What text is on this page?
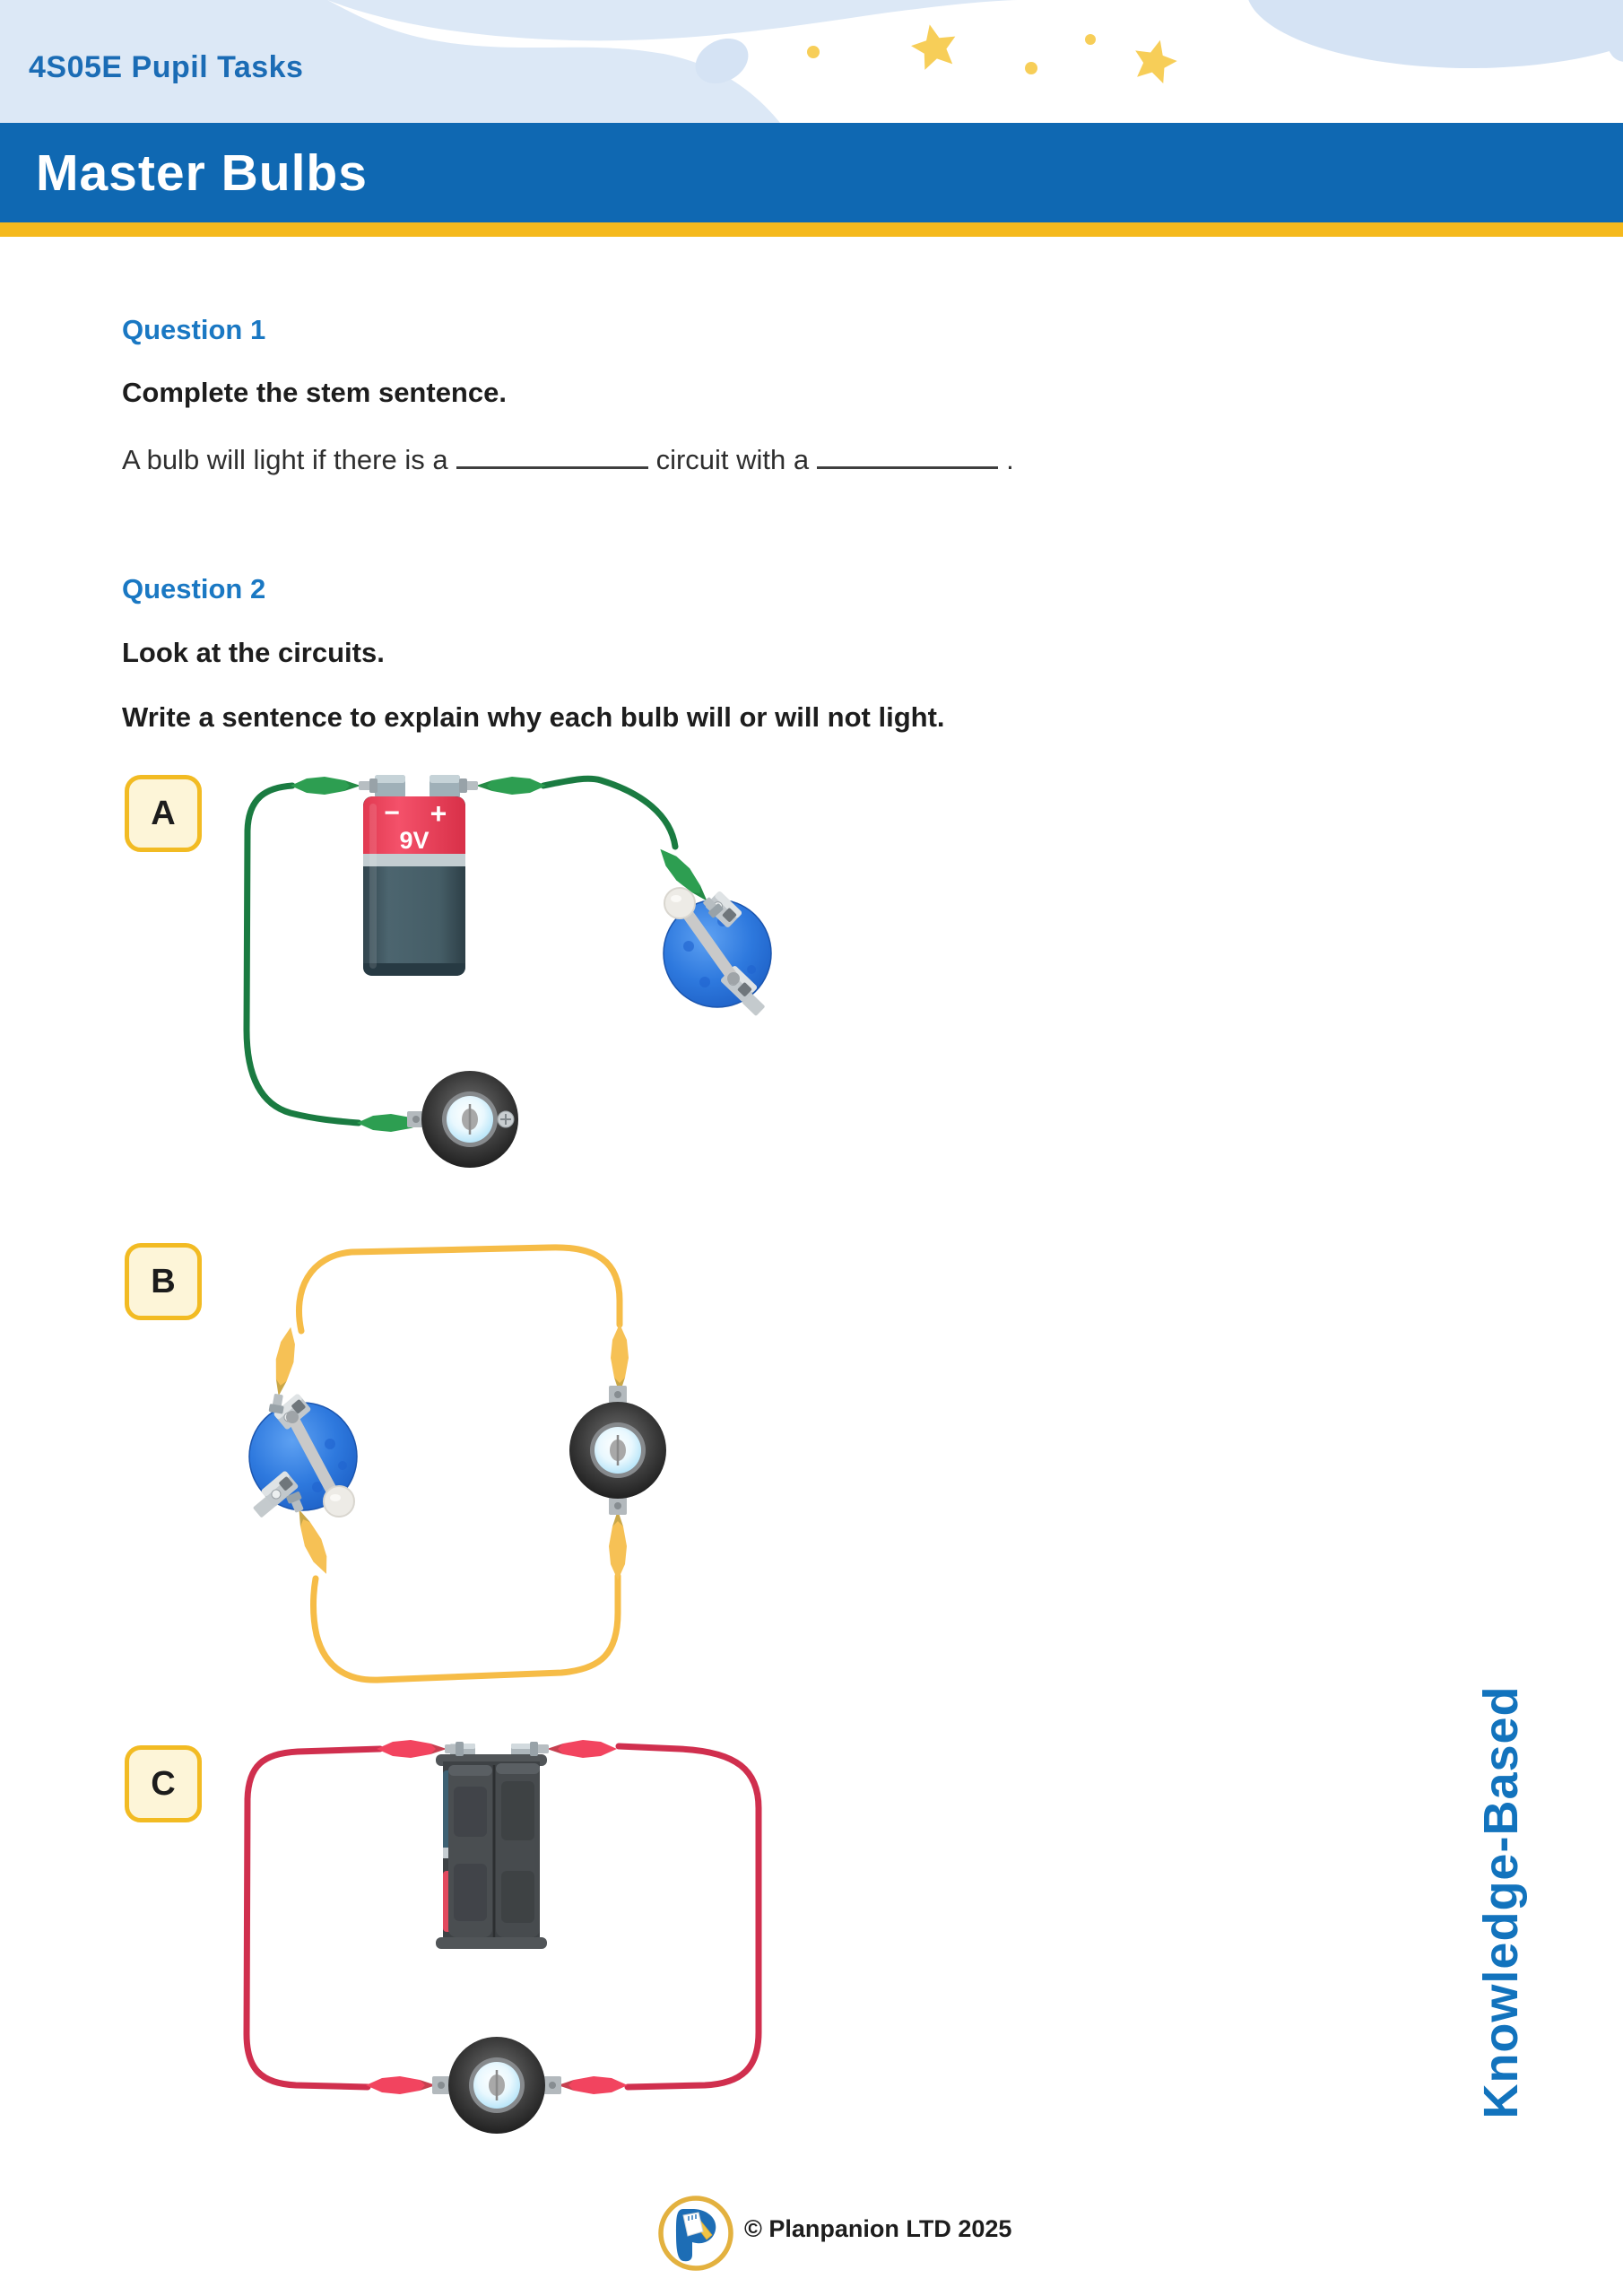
4S05E Pupil Tasks
Master Bulbs
Question 1
Complete the stem sentence.
A bulb will light if there is a	circuit with a	.
Question 2
Look at the circuits.
Write a sentence to explain why each bulb will or will not light.
A	− +
9V
B
C	Knowledge-Based
© Planpanion LTD 2025
